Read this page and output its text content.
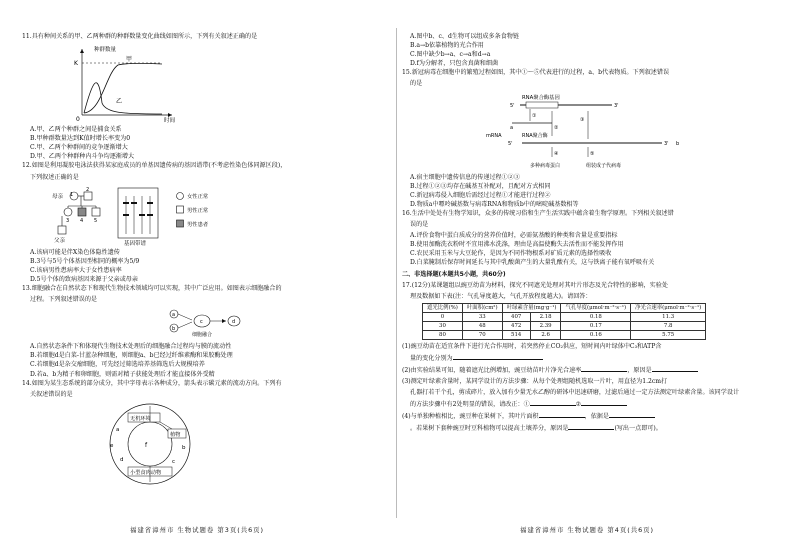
11.具有种间关系的甲、乙两种群的种群数量变化曲线如图所示，下列有关叙述正确的是

种群数量
K
0	时间
甲
乙

A.甲、乙两个种群之间是捕食关系

B.甲种群数量达到K值时增长率变为0

C.甲、乙两个种群间的竞争逐渐增大

D.甲、乙两个种群种内斗争均逐渐增大

12.如图是利用凝胶电泳法获得某家庭成员的单基因遗传病的基因谱带(不考虑性染色体同源区段)，

下列叙述正确的是

母亲
父亲
1
2
3 4 5
基因带谱
女性正常
男性正常
男性患者

A.该病可能是伴X染色体隐性遗传

B.3号与5号个体基因型相同的概率为5/9

C.该病男性患病率大于女性患病率

D.5号个体的致病基因来源于父亲或母亲

13.细胞融合在自然状态下和现代生物技术领域均可以实现，其中广泛应用。如图表示细胞融合的

过程。下列叙述错误的是

a
b
c	d
细胞融合

A.自然状态条件下和体现代生物技术处理后的细胞融合过程均与膜的流动性

B.若细胞d是白菜-甘蓝杂种细胞，则细胞a、b已经过纤维素酶和果胶酶处理

C.若细胞d是杂交瘤细胞，可先经过筛选培养基筛选后大规模培养

D.若a、b为精子和卵细胞，则需对精子获能处理后才能直接体外受精

14.如图为某生态系统的部分成分，其中字母表示各种成分，箭头表示碳元素的流动方向。下列有

关叙述错误的是

无机环境
植物
小型食肉动物
f
a
b
c
d
e

A.图中b、c、d生物可以组成多条食物链

B.a→b依靠植物的光合作用

C.图中缺少b→a、c→a和d→a

D.f为分解者，只包含真菌和细菌

15.新冠病毒在细胞中的繁殖过程如图，其中①～⑤代表进行的过程，a、b代表物质。下列叙述错误

的是

RNA聚合酶基因
5'	3'
①
a	②
③
5'	3' b
mRNA	RNA聚合酶
④	⑤
多种病毒蛋白	组装成子代病毒

A.宿主细胞中遗传信息的传递过程①②③

B.过程①②③均存在碱基互补配对，且配对方式相同

C.新冠病毒侵入细胞后需经过过程①才能进行过程②

D.物质a中嘌呤碱基数与病毒RNA和物质b中的嘧啶碱基数相等

16.生活中处处有生物学知识，众多的传统习俗和生产生活实践中蕴含着生物学原理。下列相关叙述错

误的是

A.评价食物中蛋白质成分的营养价值时，必需氨基酸的种类和含量是重要指标

B.使用加酶洗衣粉时不宜用沸水洗涤，理由是高温使酶失去活性而不能发挥作用

C.农民采用玉米与大豆轮作，是因为不同作物根系对矿质元素的选择性吸收

D.白菜腌制后保存时间延长与其中乳酸菌产生的大量乳酸有关，这与铁离子能有氧呼吸有关

二、非选择题(本题共5小题，共60分)

17.(12分)某课题组以豌豆幼苗为材料，探究不同遮光处理对其叶片形态及光合特性的影响，实验处

理及数据如下表(注：气孔导度越大，气孔开放程度越大)。请回答：

遮光比例(%)	叶面积(cm²)	叶绿素含量(mg·g⁻¹)		气孔导度(μmol·m⁻²·s⁻¹)	净光合速率(μmol·m⁻²·s⁻¹)
0	33	407	2.18	0.18	11.3
30	48	472	2.39	0.17	7.8
80	70	514	2.6	0.16	5.75

(1)豌豆幼苗在适宜条件下进行光合作用时，若突然停止CO₂供应，短时间内叶绿体中C₃和ATP含

量的变化分别为

(2)由实验结果可知，随着遮光比例增加，豌豆幼苗叶片净光合速率	，原因是

(3)测定叶绿素含量时，某同学设计的方法步骤：从每个处理组随机选取一片叶，用直径为1.2cm打

孔器打若干个孔，剪成碎片，放入加有少量无水乙醇的研钵中迅速研磨，过滤后通过一定方法测定叶绿素含量。该同学设计

的方法步骤中有2处明显的错误，请改正：①	②

(4)与单独种植相比，豌豆种在果树下，其叶片面积	，依据是

。若果树下套种豌豆时豆科植物可以提高土壤养分，原因是	(写出一点即可)。

福建省漳州市 生物试题卷 第3页(共6页)	福建省漳州市 生物试题卷 第4页(共6页)
